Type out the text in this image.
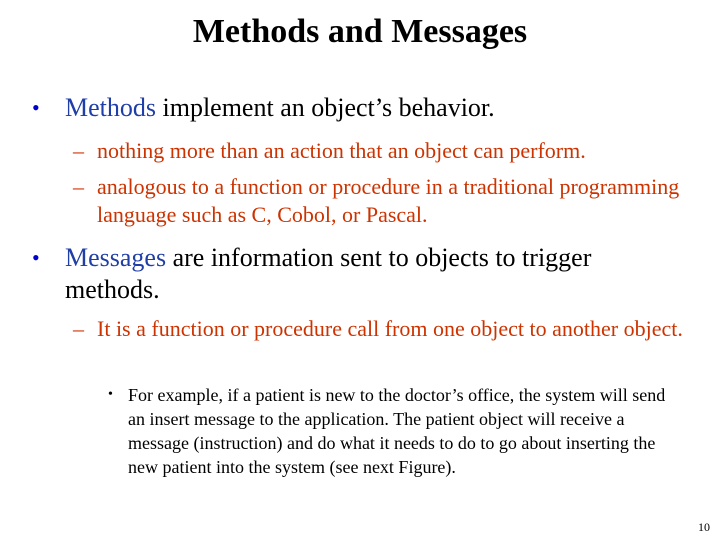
Methods and Messages
• Methods implement an object’s behavior.
– nothing more than an action that an object can perform.
– analogous to a function or procedure in a traditional programming language such as C, Cobol, or Pascal.
• Messages are information sent to objects to trigger methods.
– It is a function or procedure call from one object to another object.
• For example, if a patient is new to the doctor’s office, the system will send an insert message to the application. The patient object will receive a message (instruction) and do what it needs to do to go about inserting the new patient into the system (see next Figure).
10
